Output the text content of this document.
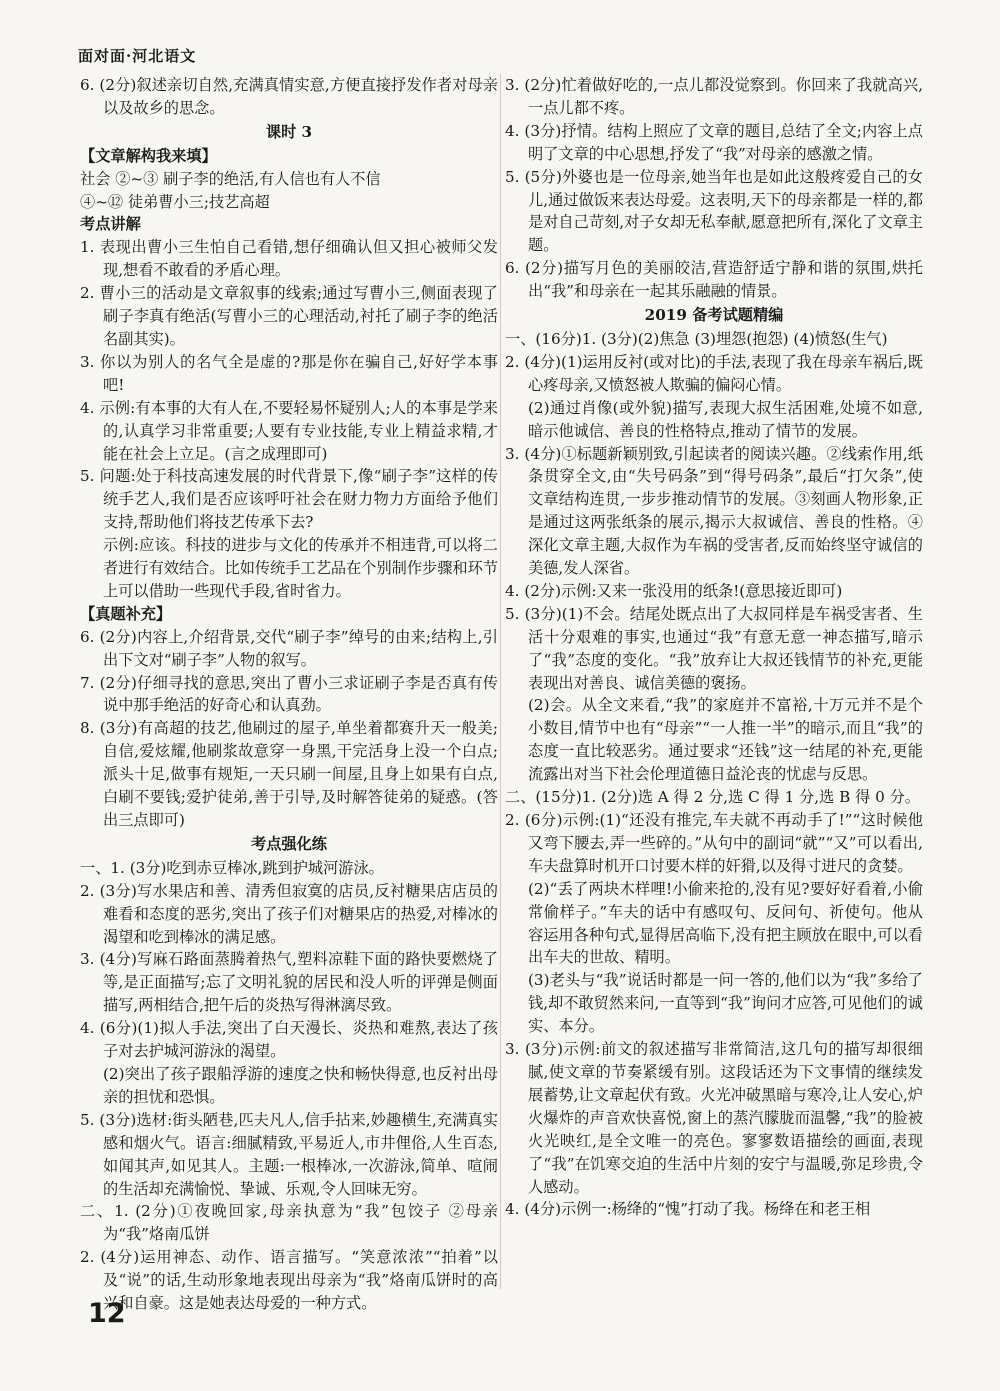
面对面·河北语文

6. (2分)叙述亲切自然,充满真情实意,方便直接抒发作者对母亲以及故乡的思念。

课时 3

【文章解构我来填】

社会 ②~③ 刷子李的绝活,有人信也有人不信

④~⑫ 徒弟曹小三;技艺高超

考点讲解

1. 表现出曹小三生怕自己看错,想仔细确认但又担心被师父发现,想看不敢看的矛盾心理。

2. 曹小三的活动是文章叙事的线索;通过写曹小三,侧面表现了刷子李真有绝活(写曹小三的心理活动,衬托了刷子李的绝活名副其实)。

3. 你以为别人的名气全是虚的?那是你在骗自己,好好学本事吧!

4. 示例:有本事的大有人在,不要轻易怀疑别人;人的本事是学来的,认真学习非常重要;人要有专业技能,专业上精益求精,才能在社会上立足。(言之成理即可)

5. 问题:处于科技高速发展的时代背景下,像“刷子李”这样的传统手艺人,我们是否应该呼吁社会在财力物力方面给予他们支持,帮助他们将技艺传承下去?

示例:应该。科技的进步与文化的传承并不相违背,可以将二者进行有效结合。比如传统手工艺品在个别制作步骤和环节上可以借助一些现代手段,省时省力。

【真题补充】

6. (2分)内容上,介绍背景,交代“刷子李”绰号的由来;结构上,引出下文对“刷子李”人物的叙写。

7. (2分)仔细寻找的意思,突出了曹小三求证刷子李是否真有传说中那手绝活的好奇心和认真劲。

8. (3分)有高超的技艺,他刷过的屋子,单坐着都赛升天一般美;自信,爱炫耀,他刷浆故意穿一身黑,干完活身上没一个白点;派头十足,做事有规矩,一天只刷一间屋,且身上如果有白点,白刷不要钱;爱护徒弟,善于引导,及时解答徒弟的疑惑。(答出三点即可)

考点强化练

一、1. (3分)吃到赤豆棒冰,跳到护城河游泳。

2. (3分)写水果店和善、清秀但寂寞的店员,反衬糖果店店员的难看和态度的恶劣,突出了孩子们对糖果店的热爱,对棒冰的渴望和吃到棒冰的满足感。

3. (4分)写麻石路面蒸腾着热气,塑料凉鞋下面的路快要燃烧了等,是正面描写;忘了文明礼貌的居民和没人听的评弹是侧面描写,两相结合,把午后的炎热写得淋漓尽致。

4. (6分)(1)拟人手法,突出了白天漫长、炎热和难熬,表达了孩子对去护城河游泳的渴望。

(2)突出了孩子跟船浮游的速度之快和畅快得意,也反衬出母亲的担忧和恐惧。

5. (3分)选材:街头陋巷,匹夫凡人,信手拈来,妙趣横生,充满真实感和烟火气。语言:细腻精致,平易近人,市井俚俗,人生百态,如闻其声,如见其人。主题:一根棒冰,一次游泳,简单、喧闹的生活却充满愉悦、挚诚、乐观,令人回味无穷。

二、1. (2分)①夜晚回家,母亲执意为“我”包饺子 ②母亲为“我”烙南瓜饼

2. (4分)运用神态、动作、语言描写。“笑意浓浓”“拍着”以及“说”的话,生动形象地表现出母亲为“我”烙南瓜饼时的高兴和自豪。这是她表达母爱的一种方式。

3. (2分)忙着做好吃的,一点儿都没觉察到。你回来了我就高兴,一点儿都不疼。

4. (3分)抒情。结构上照应了文章的题目,总结了全文;内容上点明了文章的中心思想,抒发了“我”对母亲的感激之情。

5. (5分)外婆也是一位母亲,她当年也是如此这般疼爱自己的女儿,通过做饭来表达母爱。这表明,天下的母亲都是一样的,都是对自己苛刻,对子女却无私奉献,愿意把所有,深化了文章主题。

6. (2分)描写月色的美丽皎洁,营造舒适宁静和谐的氛围,烘托出“我”和母亲在一起其乐融融的情景。

2019 备考试题精编

一、(16分)1. (3分)(2)焦急 (3)埋怨(抱怨) (4)愤怒(生气)

2. (4分)(1)运用反衬(或对比)的手法,表现了我在母亲车祸后,既心疼母亲,又愤怒被人欺骗的偏闷心情。

(2)通过肖像(或外貌)描写,表现大叔生活困难,处境不如意,暗示他诚信、善良的性格特点,推动了情节的发展。

3. (4分)①标题新颖别致,引起读者的阅读兴趣。②线索作用,纸条贯穿全文,由“失号码条”到“得号码条”,最后“打欠条”,使文章结构连贯,一步步推动情节的发展。③刻画人物形象,正是通过这两张纸条的展示,揭示大叔诚信、善良的性格。④深化文章主题,大叔作为车祸的受害者,反而始终坚守诚信的美德,发人深省。

4. (2分)示例:又来一张没用的纸条!(意思接近即可)

5. (3分)(1)不会。结尾处既点出了大叔同样是车祸受害者、生活十分艰难的事实,也通过“我”有意无意一神态描写,暗示了“我”态度的变化。“我”放弃让大叔还钱情节的补充,更能表现出对善良、诚信美德的褒扬。

(2)会。从全文来看,“我”的家庭并不富裕,十万元并不是个小数目,情节中也有“母亲”“一人推一半”的暗示,而且“我”的态度一直比较恶劣。通过要求“还钱”这一结尾的补充,更能流露出对当下社会伦理道德日益沦丧的忧虑与反思。

二、(15分)1. (2分)选 A 得 2 分,选 C 得 1 分,选 B 得 0 分。

2. (6分)示例:(1)“还没有推完,车夫就不再动手了!”“这时候他又弯下腰去,弄一些碎的。”从句中的副词“就”“又”可以看出,车夫盘算时机开口讨要木样的奸猾,以及得寸进尺的贪婪。

(2)“丢了两块木样哩!小偷来抢的,没有见?要好好看着,小偷常偷样子。”车夫的话中有感叹句、反问句、祈使句。他从容运用各种句式,显得居高临下,没有把主顾放在眼中,可以看出车夫的世故、精明。

(3)老头与“我”说话时都是一问一答的,他们以为“我”多给了钱,却不敢贸然来问,一直等到“我”询问才应答,可见他们的诚实、本分。

3. (3分)示例:前文的叙述描写非常简洁,这几句的描写却很细腻,使文章的节奏紧缓有别。这段话还为下文事情的继续发展蓄势,让文章起伏有致。火光冲破黑暗与寒冷,让人安心,炉火爆炸的声音欢快喜悦,窗上的蒸汽朦胧而温馨,“我”的脸被火光映红,是全文唯一的亮色。寥寥数语描绘的画面,表现了“我”在饥寒交迫的生活中片刻的安宁与温暖,弥足珍贵,令人感动。

4. (4分)示例一:杨绛的“愧”打动了我。杨绛在和老王相

12
